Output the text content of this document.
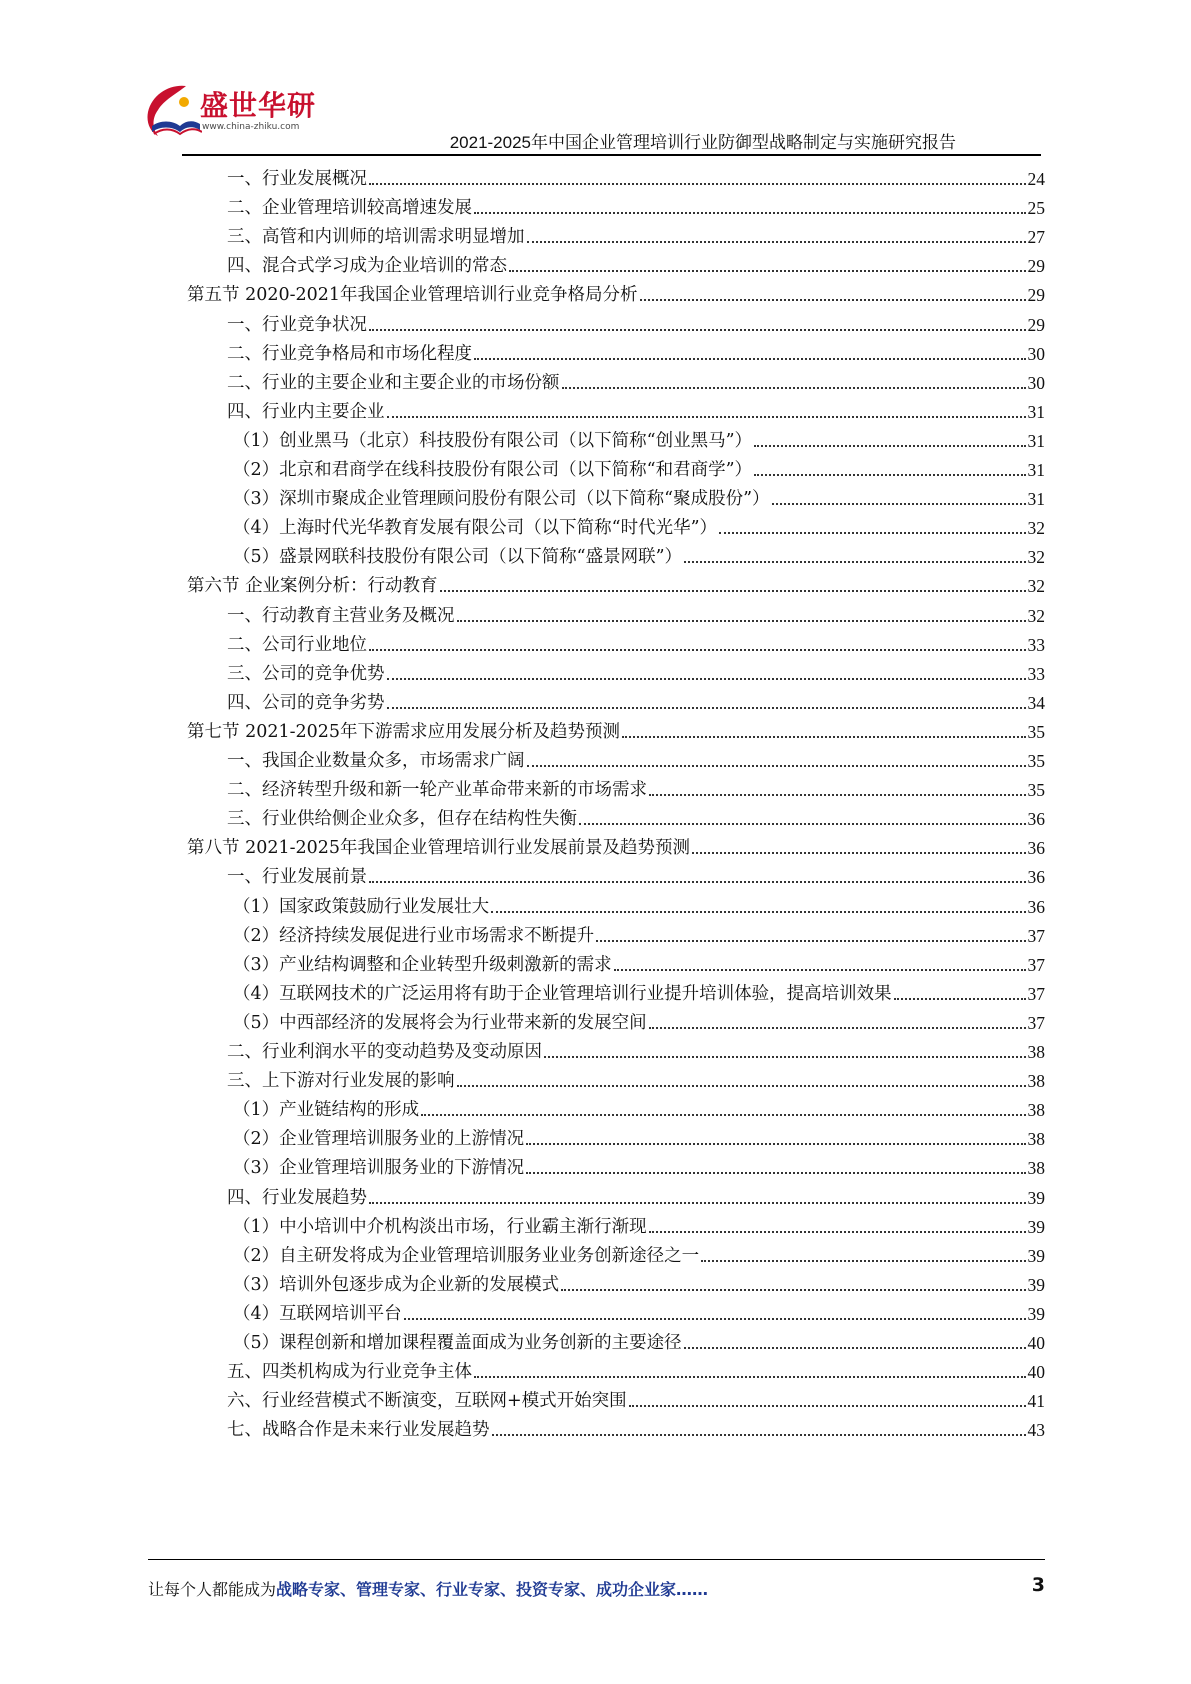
盛世华研
www.china-zhiku.com
2021-2025年中国企业管理培训行业防御型战略制定与实施研究报告
一、行业发展概况	24
二、企业管理培训较高增速发展	25
三、高管和内训师的培训需求明显增加	27
四、混合式学习成为企业培训的常态	29
第五节 2020-2021年我国企业管理培训行业竞争格局分析	29
一、行业竞争状况	29
二、行业竞争格局和市场化程度	30
二、行业的主要企业和主要企业的市场份额	30
四、行业内主要企业	31
（1）创业黑马（北京）科技股份有限公司（以下简称“创业黑马”）	31
（2）北京和君商学在线科技股份有限公司（以下简称“和君商学”）	31
（3）深圳市聚成企业管理顾问股份有限公司（以下简称“聚成股份”）	31
（4）上海时代光华教育发展有限公司（以下简称“时代光华”）	32
（5）盛景网联科技股份有限公司（以下简称“盛景网联”）	32
第六节 企业案例分析：行动教育	32
一、行动教育主营业务及概况	32
二、公司行业地位	33
三、公司的竞争优势	33
四、公司的竞争劣势	34
第七节 2021-2025年下游需求应用发展分析及趋势预测	35
一、我国企业数量众多，市场需求广阔	35
二、经济转型升级和新一轮产业革命带来新的市场需求	35
三、行业供给侧企业众多，但存在结构性失衡	36
第八节 2021-2025年我国企业管理培训行业发展前景及趋势预测	36
一、行业发展前景	36
（1）国家政策鼓励行业发展壮大	36
（2）经济持续发展促进行业市场需求不断提升	37
（3）产业结构调整和企业转型升级刺激新的需求	37
（4）互联网技术的广泛运用将有助于企业管理培训行业提升培训体验，提高培训效果	37
（5）中西部经济的发展将会为行业带来新的发展空间	37
二、行业利润水平的变动趋势及变动原因	38
三、上下游对行业发展的影响	38
（1）产业链结构的形成	38
（2）企业管理培训服务业的上游情况	38
（3）企业管理培训服务业的下游情况	38
四、行业发展趋势	39
（1）中小培训中介机构淡出市场，行业霸主渐行渐现	39
（2）自主研发将成为企业管理培训服务业业务创新途径之一	39
（3）培训外包逐步成为企业新的发展模式	39
（4）互联网培训平台	39
（5）课程创新和增加课程覆盖面成为业务创新的主要途径	40
五、四类机构成为行业竞争主体	40
六、行业经营模式不断演变，互联网+模式开始突围	41
七、战略合作是未来行业发展趋势	43
让每个人都能成为战略专家、管理专家、行业专家、投资专家、成功企业家……	3
